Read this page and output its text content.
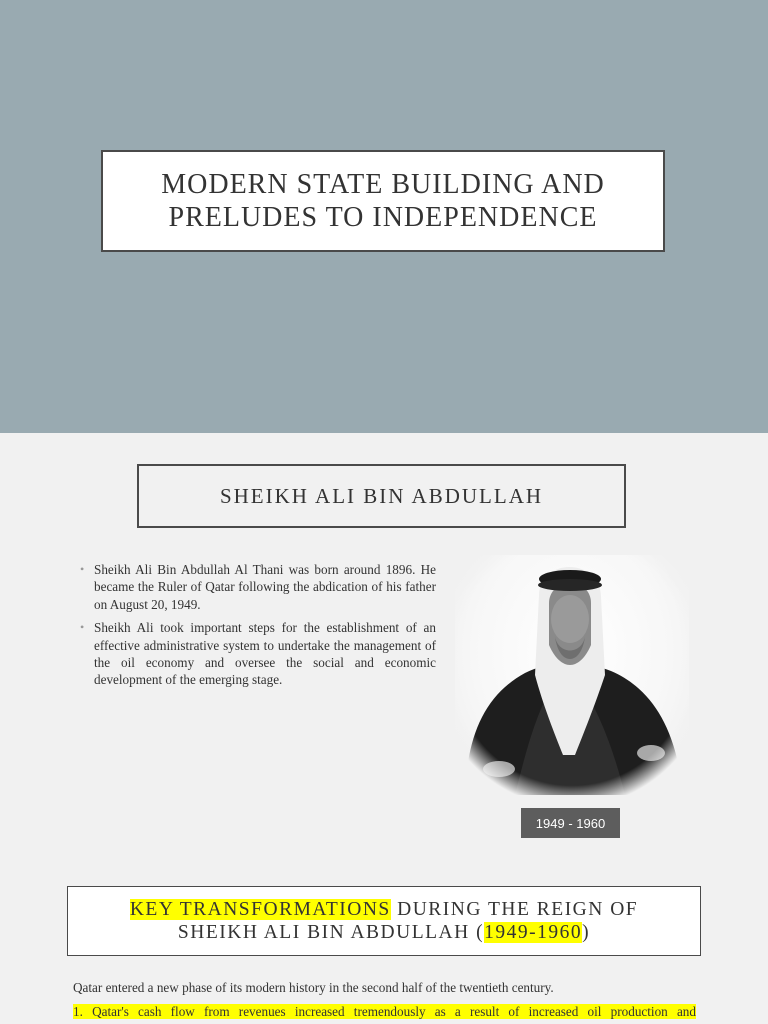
MODERN STATE BUILDING AND
PRELUDES TO INDEPENDENCE
SHEIKH ALI BIN ABDULLAH
• Sheikh Ali Bin Abdullah Al Thani was born around 1896. He became the Ruler of Qatar following the abdication of his father on August 20, 1949.
• Sheikh Ali took important steps for the establishment of an effective administrative system to undertake the management of the oil economy and oversee the social and economic development of the emerging stage.
1949 - 1960
KEY TRANSFORMATIONS DURING THE REIGN OF
SHEIKH ALI BIN ABDULLAH (1949-1960)
Qatar entered a new phase of its modern history in the second half of the twentieth century.
1. Qatar's cash flow from revenues increased tremendously as a result of increased oil production and
